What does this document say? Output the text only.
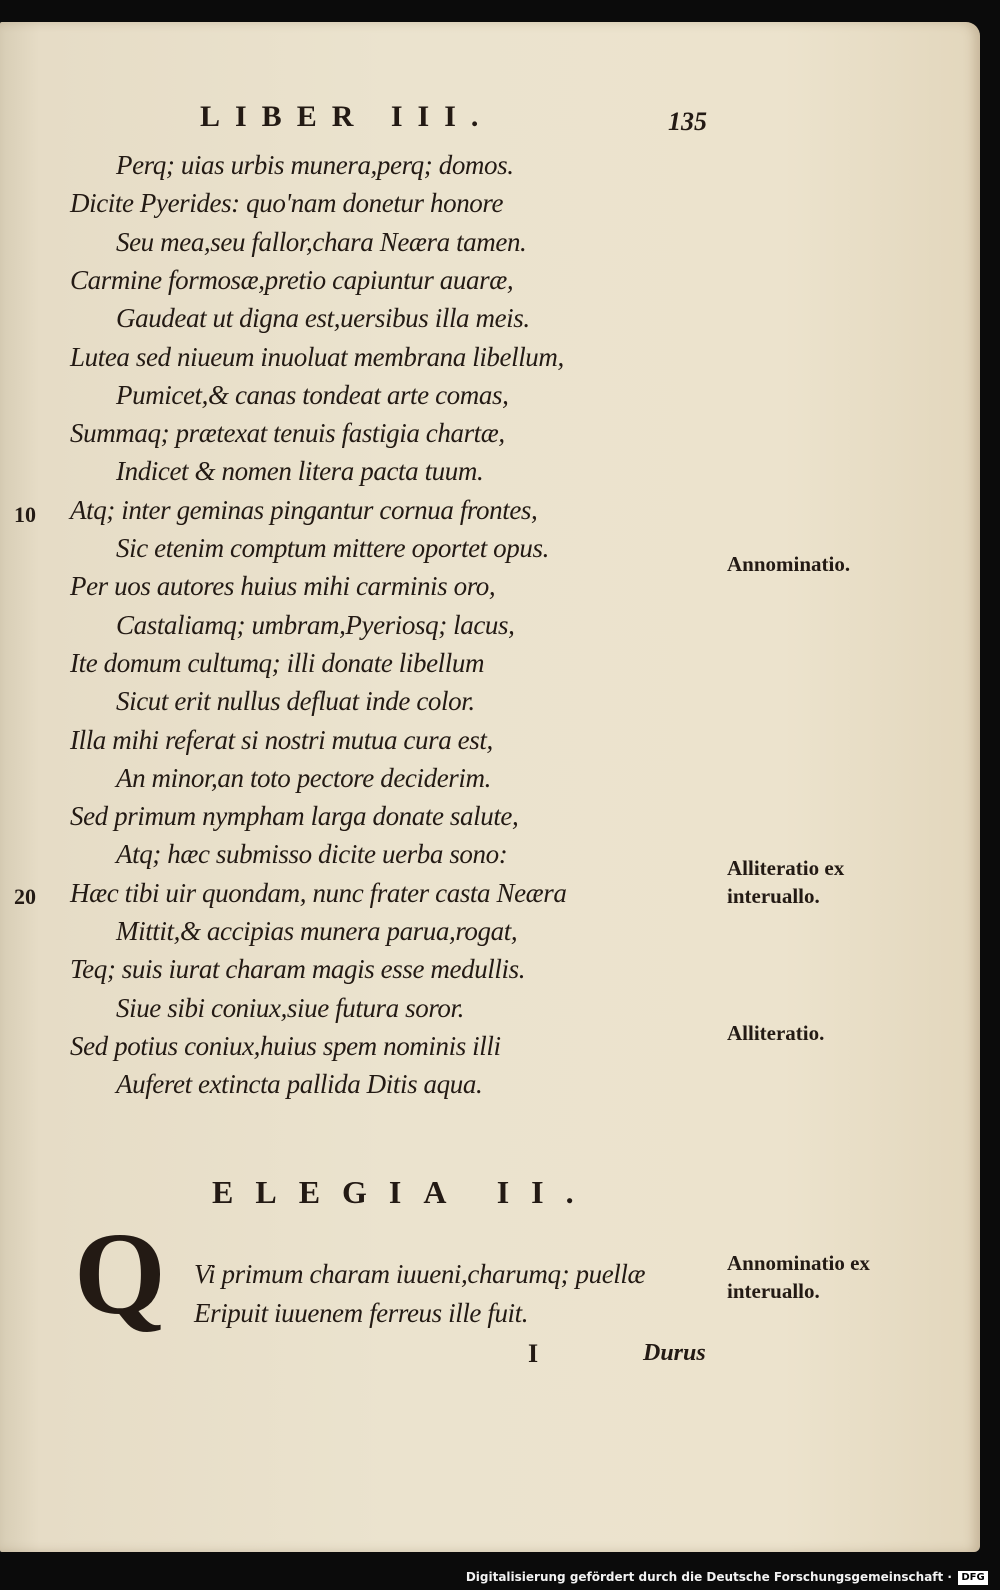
LIBER III.	135
Perq; uias urbis munera,perq; domos.
Dicite Pyerides: quo'nam donetur honore
Seu mea,seu fallor,chara Neæra tamen.
Carmine formosæ,pretio capiuntur auaræ,
Gaudeat ut digna est,uersibus illa meis.
Lutea sed niueum inuoluat membrana libellum,
Pumicet,& canas tondeat arte comas,
Summaq; prætexat tenuis fastigia chartæ,
Indicet & nomen litera pacta tuum.
Atq; inter geminas pingantur cornua frontes,
Sic etenim comptum mittere oportet opus.
Per uos autores huius mihi carminis oro,
Castaliamq; umbram,Pyeriosq; lacus,
Ite domum cultumq; illi donate libellum
Sicut erit nullus defluat inde color.
Illa mihi referat si nostri mutua cura est,
An minor,an toto pectore deciderim.
Sed primum nympham larga donate salute,
Atq; hæc submisso dicite uerba sono:
Hæc tibi uir quondam, nunc frater casta Neæra
Mittit,& accipias munera parua,rogat,
Teq; suis iurat charam magis esse medullis.
Siue sibi coniux,siue futura soror.
Sed potius coniux,huius spem nominis illi
Auferet extincta pallida Ditis aqua.
10
20
Annominatio.
Alliteratio ex interuallo.
Alliteratio.
Annominatio ex interuallo.
ELEGIA II.
Q Vi primum charam iuueni,charumq; puellæ
Eripuit iuuenem ferreus ille fuit.
I	Durus
Digitalisierung gefördert durch die Deutsche Forschungsgemeinschaft · DFG
